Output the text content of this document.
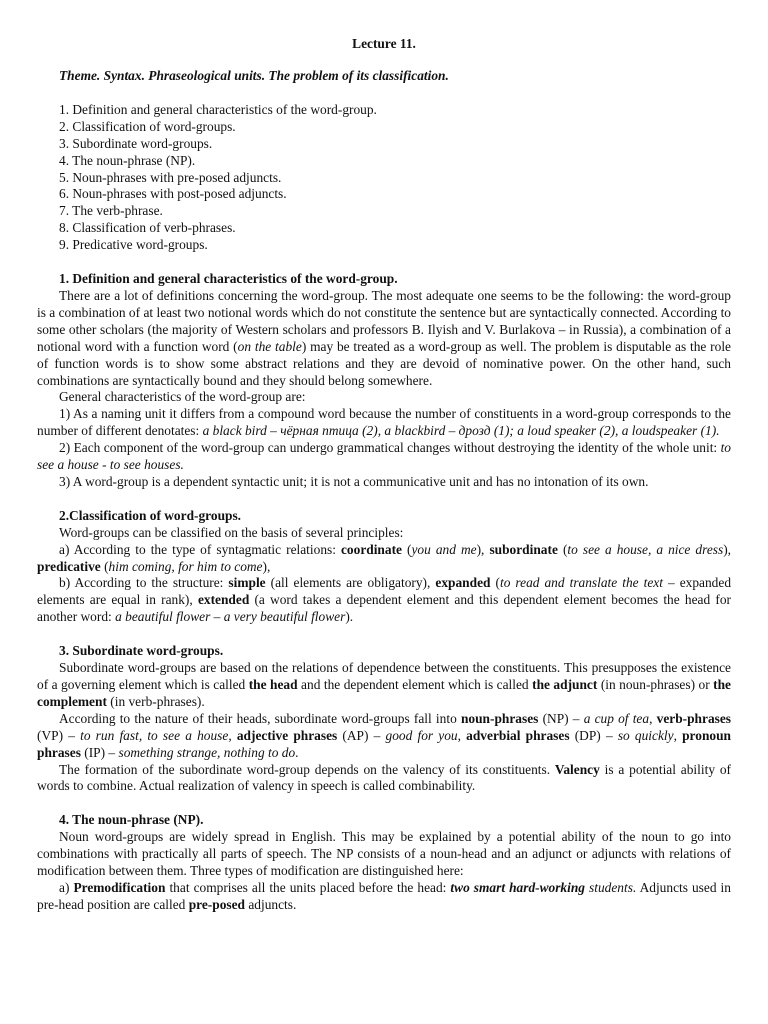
Lecture 11.
Theme. Syntax. Phraseological units. The problem of its classification.
1. Definition and general characteristics of the word-group.
2. Classification of word-groups.
3. Subordinate word-groups.
4. The noun-phrase (NP).
5. Noun-phrases with pre-posed adjuncts.
6. Noun-phrases with post-posed adjuncts.
7. The verb-phrase.
8. Classification of verb-phrases.
9. Predicative word-groups.
1. Definition and general characteristics of the word-group.

There are a lot of definitions concerning the word-group. The most adequate one seems to be the following: the word-group is a combination of at least two notional words which do not constitute the sentence but are syntactically connected. According to some other scholars (the majority of Western scholars and professors B. Ilyish and V. Burlakova – in Russia), a combination of a notional word with a function word (on the table) may be treated as a word-group as well. The problem is disputable as the role of function words is to show some abstract relations and they are devoid of nominative power. On the other hand, such combinations are syntactically bound and they should belong somewhere.

General characteristics of the word-group are:

1) As a naming unit it differs from a compound word because the number of constituents in a word-group corresponds to the number of different denotates: a black bird – чёрная птица (2), a blackbird – дрозд (1); a loud speaker (2), a loudspeaker (1).

2) Each component of the word-group can undergo grammatical changes without destroying the identity of the whole unit: to see a house - to see houses.

3) A word-group is a dependent syntactic unit; it is not a communicative unit and has no intonation of its own.

2.Classification of word-groups.

Word-groups can be classified on the basis of several principles:

a) According to the type of syntagmatic relations: coordinate (you and me), subordinate (to see a house, a nice dress), predicative (him coming, for him to come),

b) According to the structure: simple (all elements are obligatory), expanded (to read and translate the text – expanded elements are equal in rank), extended (a word takes a dependent element and this dependent element becomes the head for another word: a beautiful flower – a very beautiful flower).

3. Subordinate word-groups.

Subordinate word-groups are based on the relations of dependence between the constituents. This presupposes the existence of a governing element which is called the head and the dependent element which is called the adjunct (in noun-phrases) or the complement (in verb-phrases).

According to the nature of their heads, subordinate word-groups fall into noun-phrases (NP) – a cup of tea, verb-phrases (VP) – to run fast, to see a house, adjective phrases (AP) – good for you, adverbial phrases (DP) – so quickly, pronoun phrases (IP) – something strange, nothing to do.

The formation of the subordinate word-group depends on the valency of its constituents. Valency is a potential ability of words to combine. Actual realization of valency in speech is called combinability.

4. The noun-phrase (NP).

Noun word-groups are widely spread in English. This may be explained by a potential ability of the noun to go into combinations with practically all parts of speech. The NP consists of a noun-head and an adjunct or adjuncts with relations of modification between them. Three types of modification are distinguished here:

a) Premodification that comprises all the units placed before the head: two smart hard-working students. Adjuncts used in pre-head position are called pre-posed adjuncts.
